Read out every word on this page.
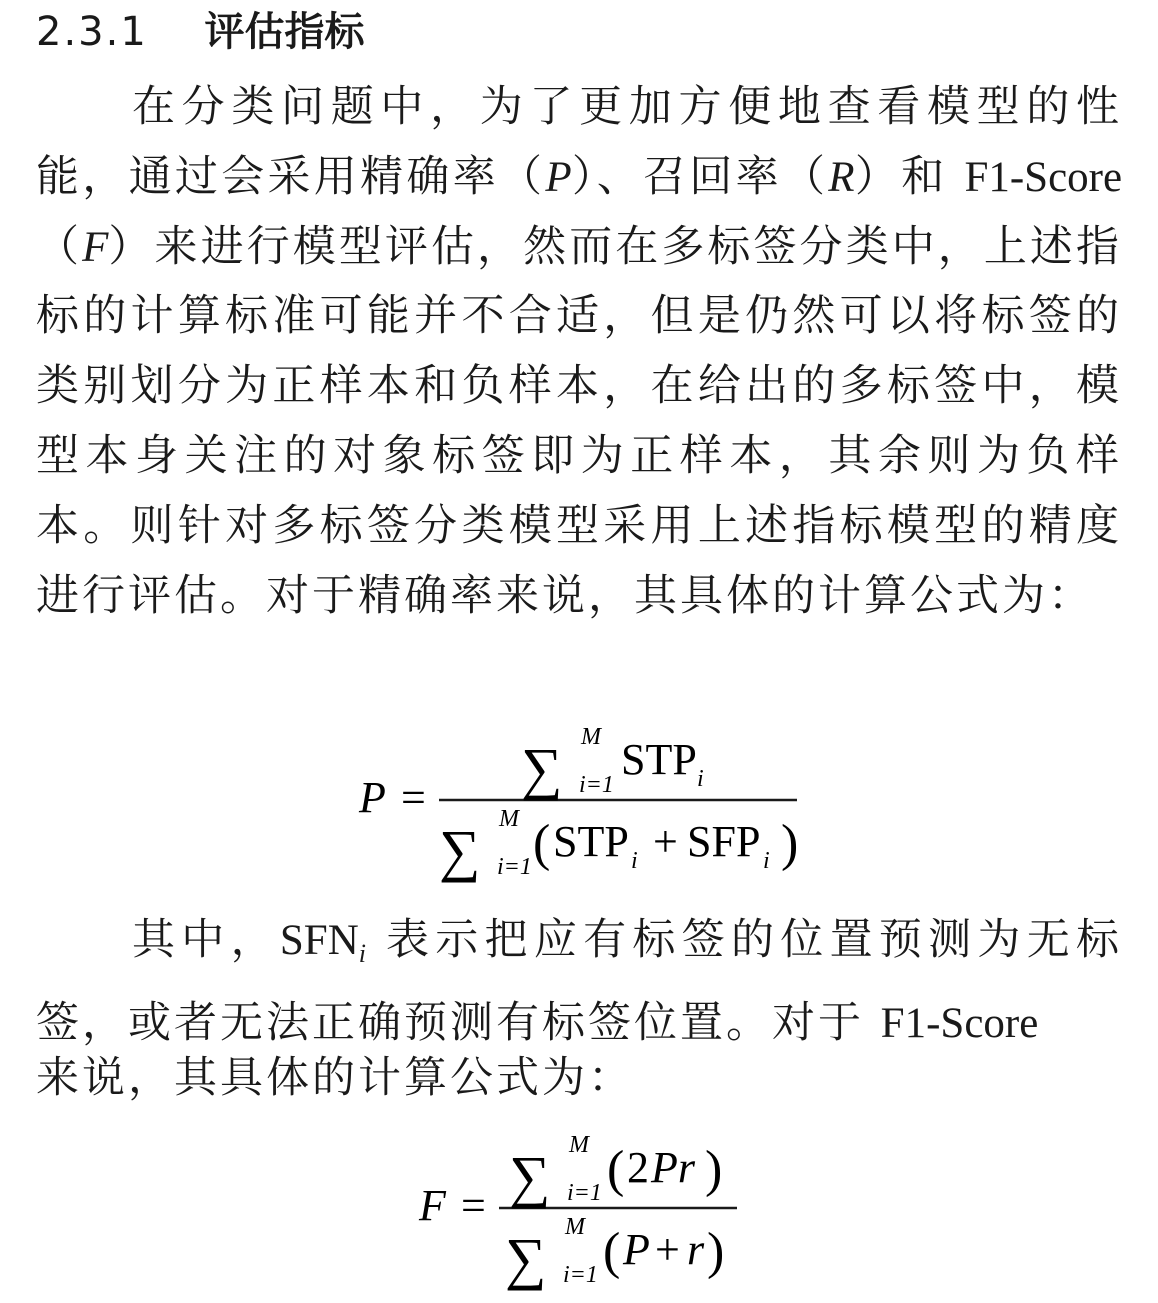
2.3.1 评估指标

在分类问题中，为了更加方便地查看模型的性能，通过会采用精确率（P）、召回率（R）和 F1-Score（F）来进行模型评估，然而在多标签分类中，上述指标的计算标准可能并不合适，但是仍然可以将标签的类别划分为正样本和负样本，在给出的多标签中，模型本身关注的对象标签即为正样本，其余则为负样本。则针对多标签分类模型采用上述指标模型的精度进行评估。对于精确率来说，其具体的计算公式为：

P = ∑ M
i=1
STP i
∑ M
i=1 ( STP i + SFP i )

其中，$SFN_i$ 表示把应有标签的位置预测为无标签，或者无法正确预测有标签位置。对于 F1-Score

来说，其具体的计算公式为：

F = ∑ M
i=1 ( 2 Pr )
∑ M
i=1 ( P + r )
